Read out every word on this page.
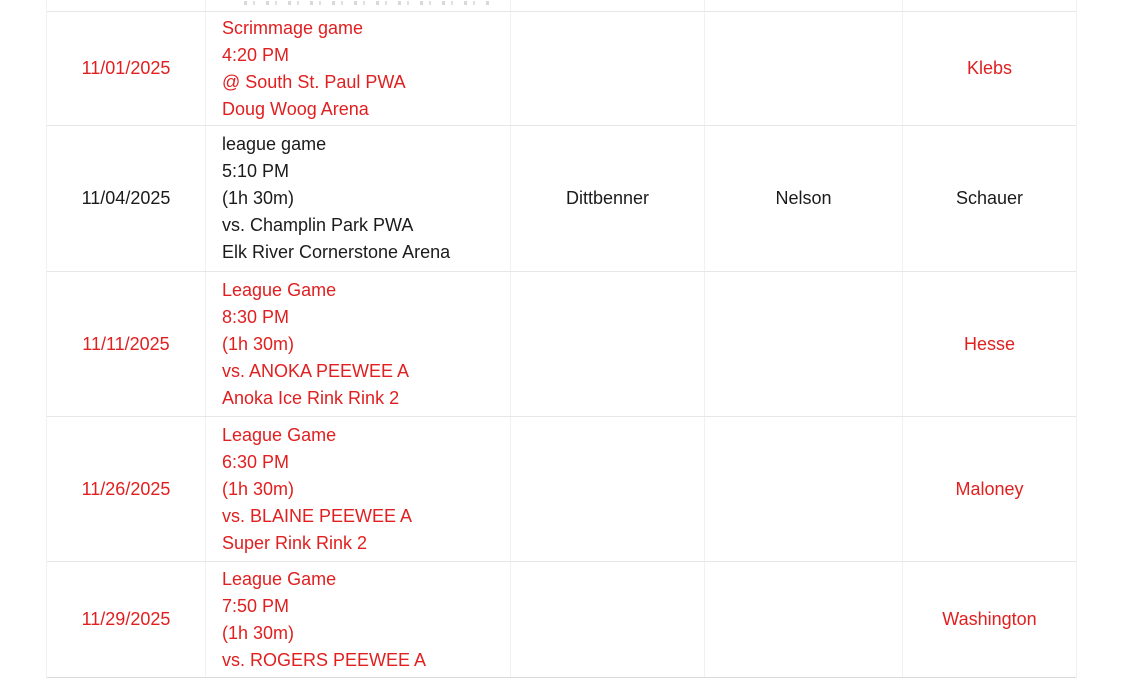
11/01/2025
Scrimmage game
4:20 PM
@ South St. Paul PWA
Doug Woog Arena
Klebs
11/04/2025
league game
5:10 PM
(1h 30m)
vs. Champlin Park PWA
Elk River Cornerstone Arena
Dittbenner	Nelson	Schauer
11/11/2025
League Game
8:30 PM
(1h 30m)
vs. ANOKA PEEWEE A
Anoka Ice Rink Rink 2
Hesse
11/26/2025
League Game
6:30 PM
(1h 30m)
vs. BLAINE PEEWEE A
Super Rink Rink 2
Maloney
11/29/2025
League Game
7:50 PM
(1h 30m)
vs. ROGERS PEEWEE A
Washington
